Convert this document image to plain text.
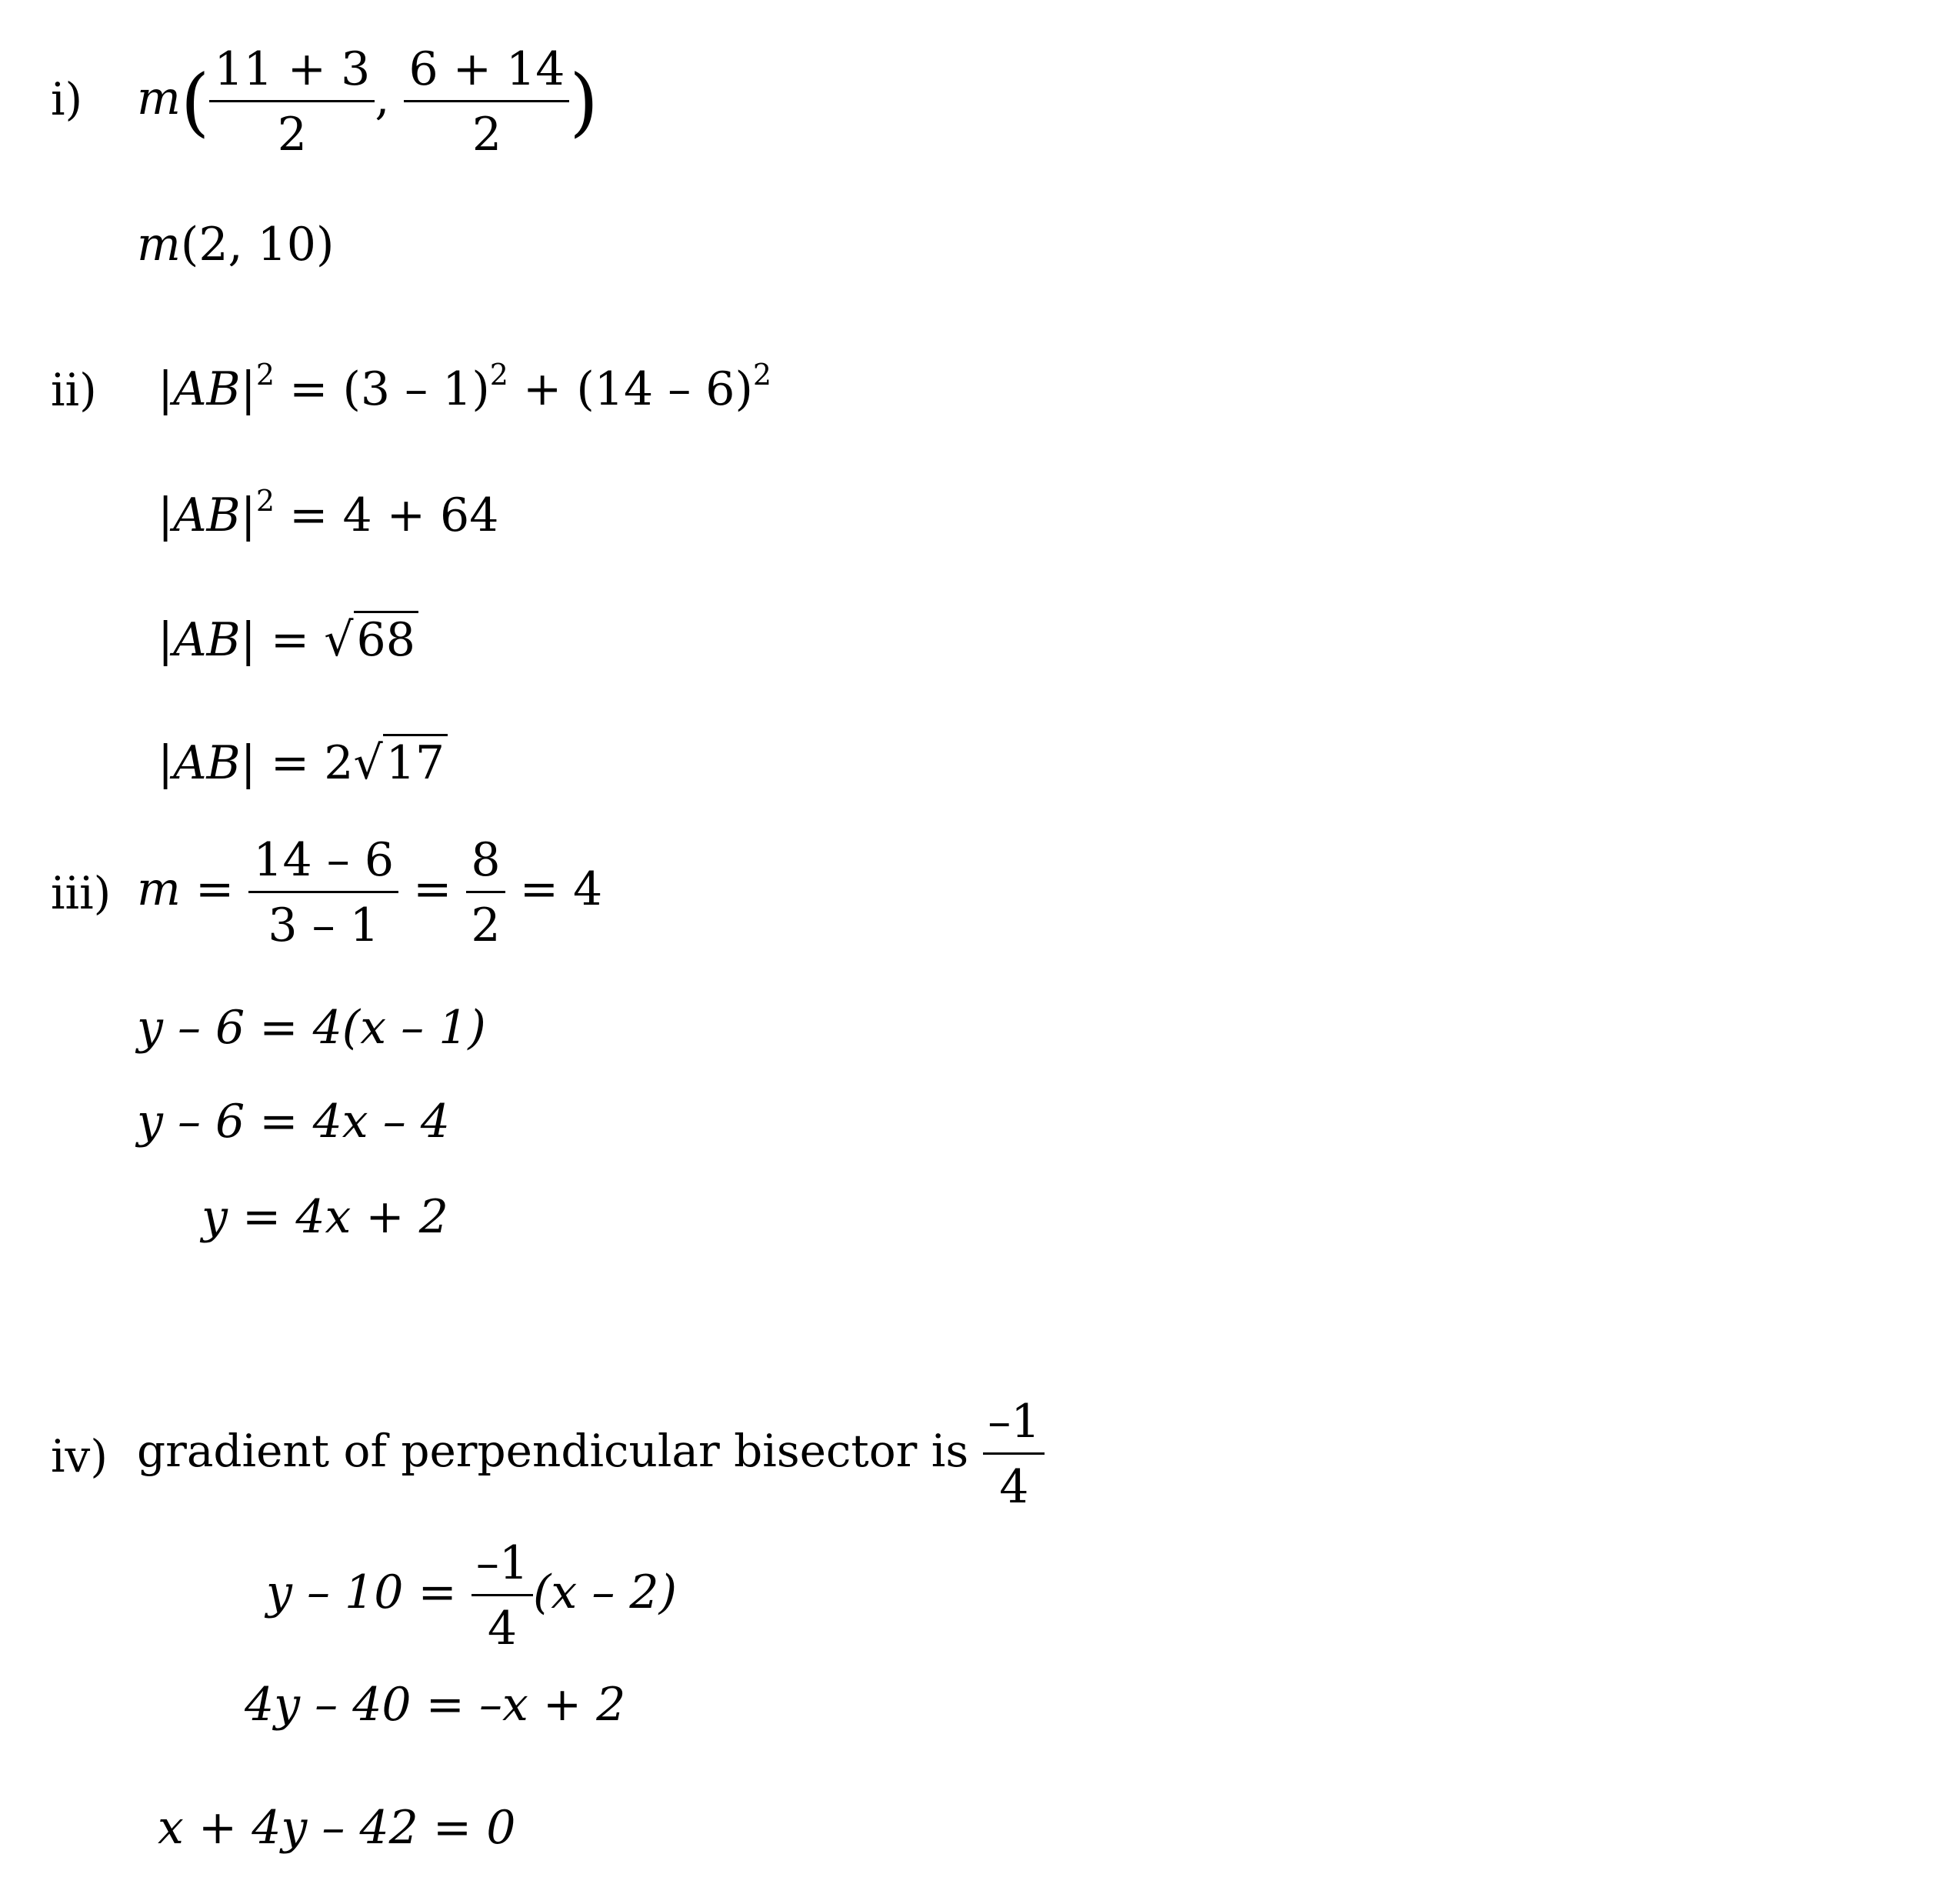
i) $m( \frac{11 + 3}{2}$ , $\frac{6 + 14}{2}$ )
m(2, 10)
ii) $|AB|^2 = (3 - 1)^2 + (14 - 6)^2$
$|AB|^2 = 4 + 64$
|AB| = √68
|AB| = 2√17
iii) $m = \frac{14 - 6}{3 - 1} = \frac{8}{2} = 4$
y – 6 = 4(x – 1)
y – 6 = 4x – 4
y = 4x + 2
iv) gradient of perpendicular bisector is $\frac{-1}{4}$
$y - 10 = \frac{-1}{4} (x - 2)$
4y – 40 = –x + 2
x + 4y – 42 = 0
